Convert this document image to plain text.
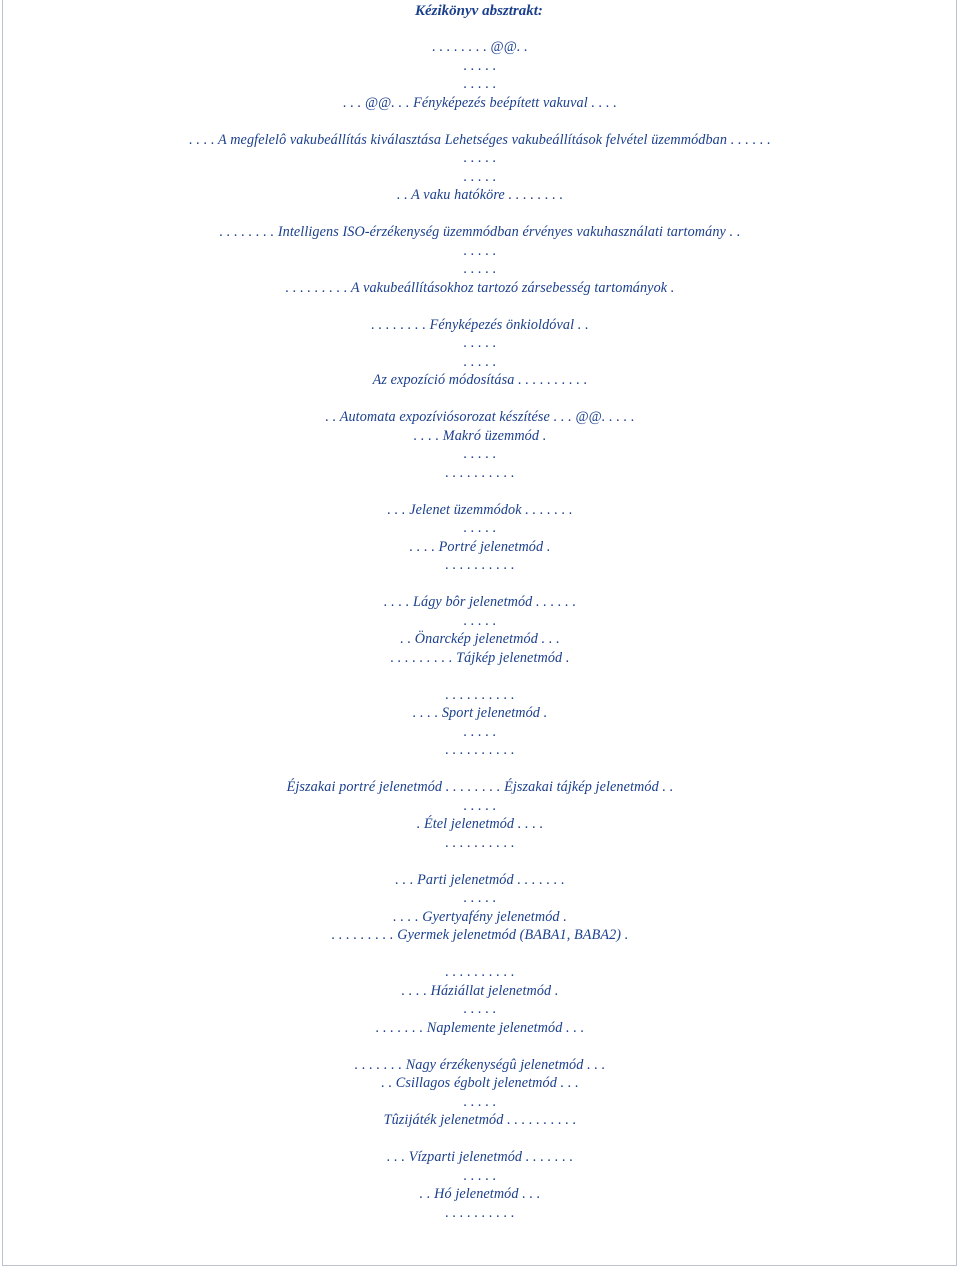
Kézikönyv absztrakt:
. . . . . . . . @@. .
. . . . .
. . . . .
. . . @@. . . Fényképezés beépített vakuval . . . .
. . . . A megfelelô vakubeállítás kiválasztása Lehetséges vakubeállítások felvétel üzemmódban . . . . . .
. . . . .
. . . . .
. . A vaku hatóköre . . . . . . . .
. . . . . . . . Intelligens ISO-érzékenység üzemmódban érvényes vakuhasználati tartomány . .
. . . . .
. . . . .
. . . . . . . . . A vakubeállításokhoz tartozó zársebesség tartományok .
. . . . . . . . Fényképezés önkioldóval . .
. . . . .
. . . . .
Az expozíció módosítása . . . . . . . . . .
. . Automata expozíviósorozat készítése . . . @@. . . . .
. . . . Makró üzemmód .
. . . . .
. . . . . . . . . .
. . . Jelenet üzemmódok . . . . . . .
. . . . .
. . . . Portré jelenetmód .
. . . . . . . . . .
. . . . Lágy bôr jelenetmód . . . . . .
. . . . .
. . Önarckép jelenetmód . . .
. . . . . . . . . Tájkép jelenetmód .
. . . . . . . . . .
. . . . Sport jelenetmód .
. . . . .
. . . . . . . . . .
Éjszakai portré jelenetmód . . . . . . . . Éjszakai tájkép jelenetmód . .
. . . . .
. Étel jelenetmód . . . .
. . . . . . . . . .
. . . Parti jelenetmód . . . . . . .
. . . . .
. . . . Gyertyafény jelenetmód .
. . . . . . . . . Gyermek jelenetmód (BABA1, BABA2) .
. . . . . . . . . .
. . . . Háziállat jelenetmód .
. . . . .
. . . . . . . Naplemente jelenetmód . . .
. . . . . . . Nagy érzékenységû jelenetmód . . .
. . Csillagos égbolt jelenetmód . . .
. . . . .
Tûzijáték jelenetmód . . . . . . . . . .
. . . Vízparti jelenetmód . . . . . . .
. . . . .
. . Hó jelenetmód . . .
. . . . . . . . . .
